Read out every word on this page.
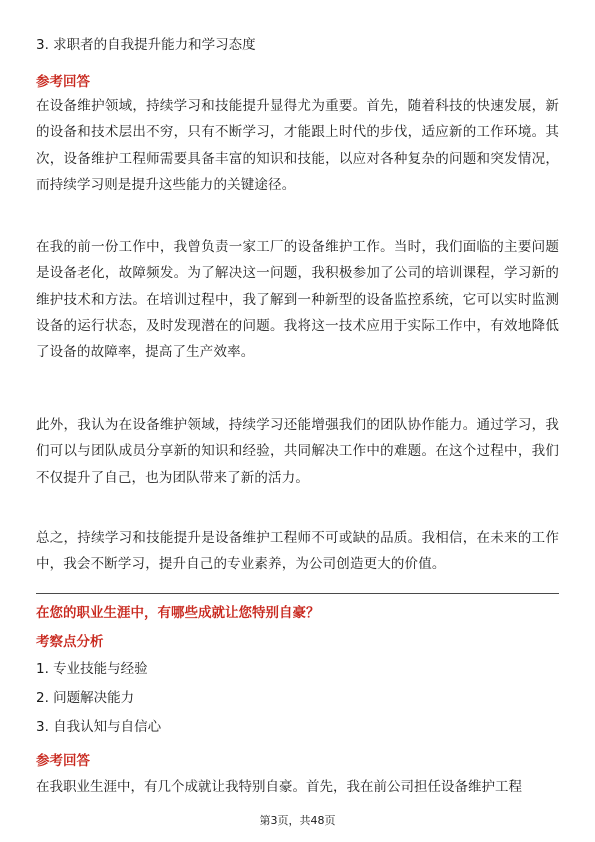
3. 求职者的自我提升能力和学习态度

参考回答

在设备维护领域，持续学习和技能提升显得尤为重要。首先，随着科技的快速发展，新的设备和技术层出不穷，只有不断学习，才能跟上时代的步伐，适应新的工作环境。其次，设备维护工程师需要具备丰富的知识和技能，以应对各种复杂的问题和突发情况，而持续学习则是提升这些能力的关键途径。

在我的前一份工作中，我曾负责一家工厂的设备维护工作。当时，我们面临的主要问题是设备老化，故障频发。为了解决这一问题，我积极参加了公司的培训课程，学习新的维护技术和方法。在培训过程中，我了解到一种新型的设备监控系统，它可以实时监测设备的运行状态，及时发现潜在的问题。我将这一技术应用于实际工作中，有效地降低了设备的故障率，提高了生产效率。

此外，我认为在设备维护领域，持续学习还能增强我们的团队协作能力。通过学习，我们可以与团队成员分享新的知识和经验，共同解决工作中的难题。在这个过程中，我们不仅提升了自己，也为团队带来了新的活力。

总之，持续学习和技能提升是设备维护工程师不可或缺的品质。我相信，在未来的工作中，我会不断学习，提升自己的专业素养，为公司创造更大的价值。

在您的职业生涯中，有哪些成就让您特别自豪？

考察点分析

1. 专业技能与经验

2. 问题解决能力

3. 自我认知与自信心

参考回答

在我职业生涯中，有几个成就让我特别自豪。首先，我在前公司担任设备维护工程

第3页，共48页
